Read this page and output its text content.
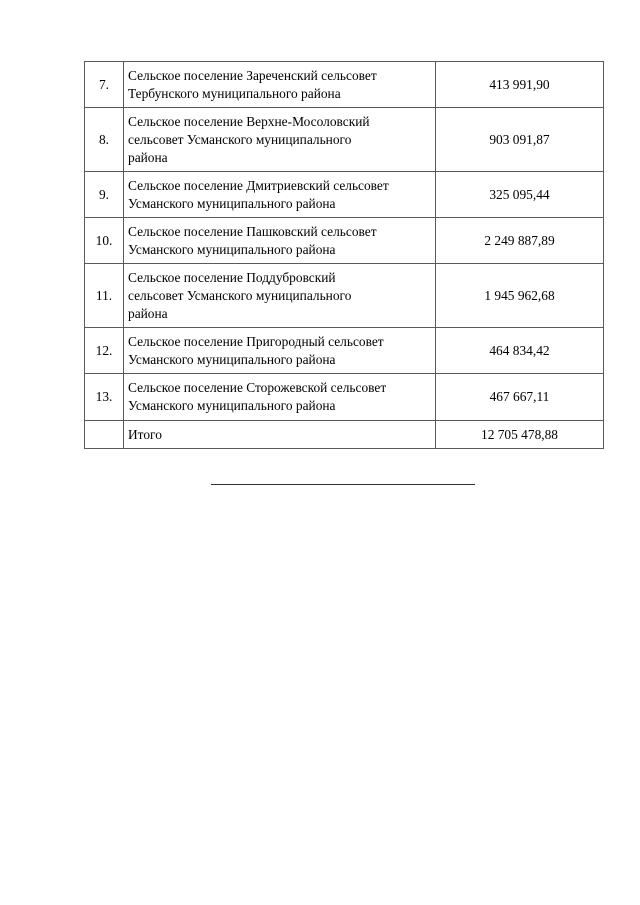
7.	Сельское поселение Зареченский сельсовет
Тербунского муниципального района	413 991,90
8.	Сельское поселение Верхне-Мосоловский
сельсовет Усманского муниципального
района	903 091,87
9.	Сельское поселение Дмитриевский сельсовет
Усманского муниципального района	325 095,44
10.	Сельское поселение Пашковский сельсовет
Усманского муниципального района	2 249 887,89
11.	Сельское поселение Поддубровский
сельсовет Усманского муниципального
района	1 945 962,68
12.	Сельское поселение Пригородный сельсовет
Усманского муниципального района	464 834,42
13.	Сельское поселение Сторожевской сельсовет
Усманского муниципального района	467 667,11
	Итого	12 705 478,88
